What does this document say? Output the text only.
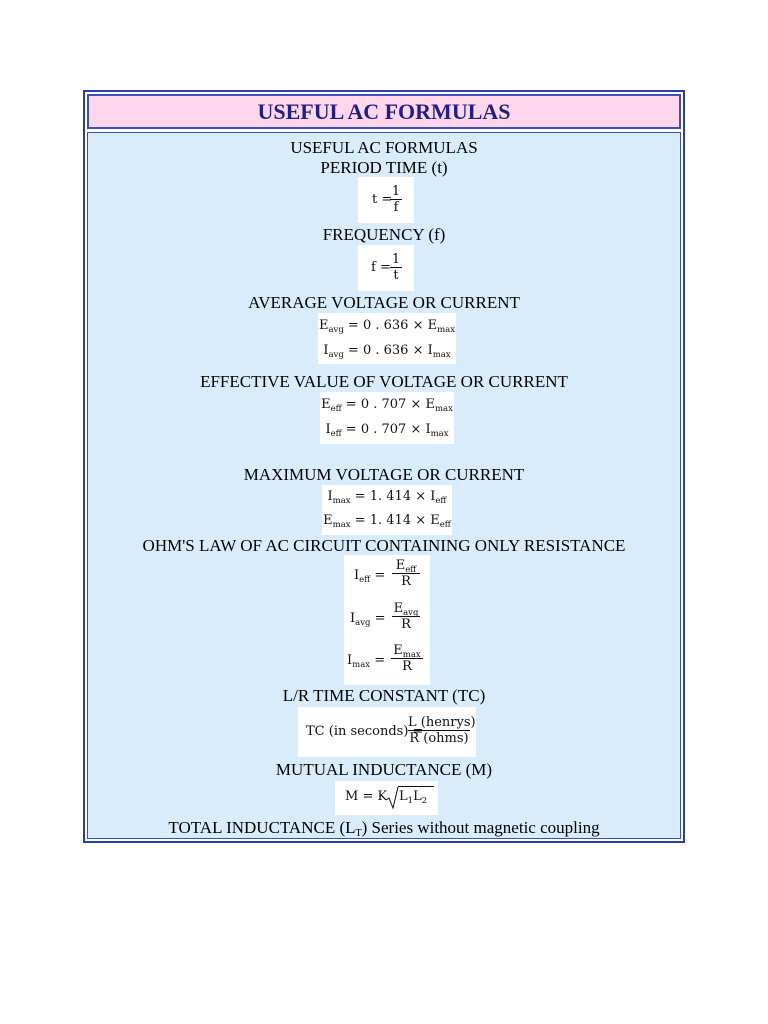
USEFUL AC FORMULAS
USEFUL AC FORMULAS
PERIOD TIME (t)
t =
$\frac{1}{f}$
FREQUENCY (f)
$f = \frac{1}{t}$
AVERAGE VOLTAGE OR CURRENT
$E_{avg} = 0$ . $636 \times E_{max}$
$I_{avg} = 0$ . $636 \times I_{max}$
EFFECTIVE VALUE OF VOLTAGE OR CURRENT
$E_{eff} = 0$ . $707 \times E_{max}$
$I_{eff} = 0$ . $707 \times I_{max}$
MAXIMUM VOLTAGE OR CURRENT
$I_{max} = 1$. $414 \times I_{eff}$
$E_{max} = 1$. $414 \times E_{eff}$
OHM'S LAW OF AC CIRCUIT CONTAINING ONLY RESISTANCE
$I_{eff}$ =
$E_{eff}$
R
$I_{avg}$ =
$E_{avg}$
R
$I_{max}$ =
$E_{max}$
R
L/R TIME CONSTANT (TC)
TC (in seconds) =
L (henrys)
R (ohms)
MUTUAL INDUCTANCE (M)
M = K $L_1L_2$
TOTAL INDUCTANCE $(L_T)$ Series without magnetic coupling
